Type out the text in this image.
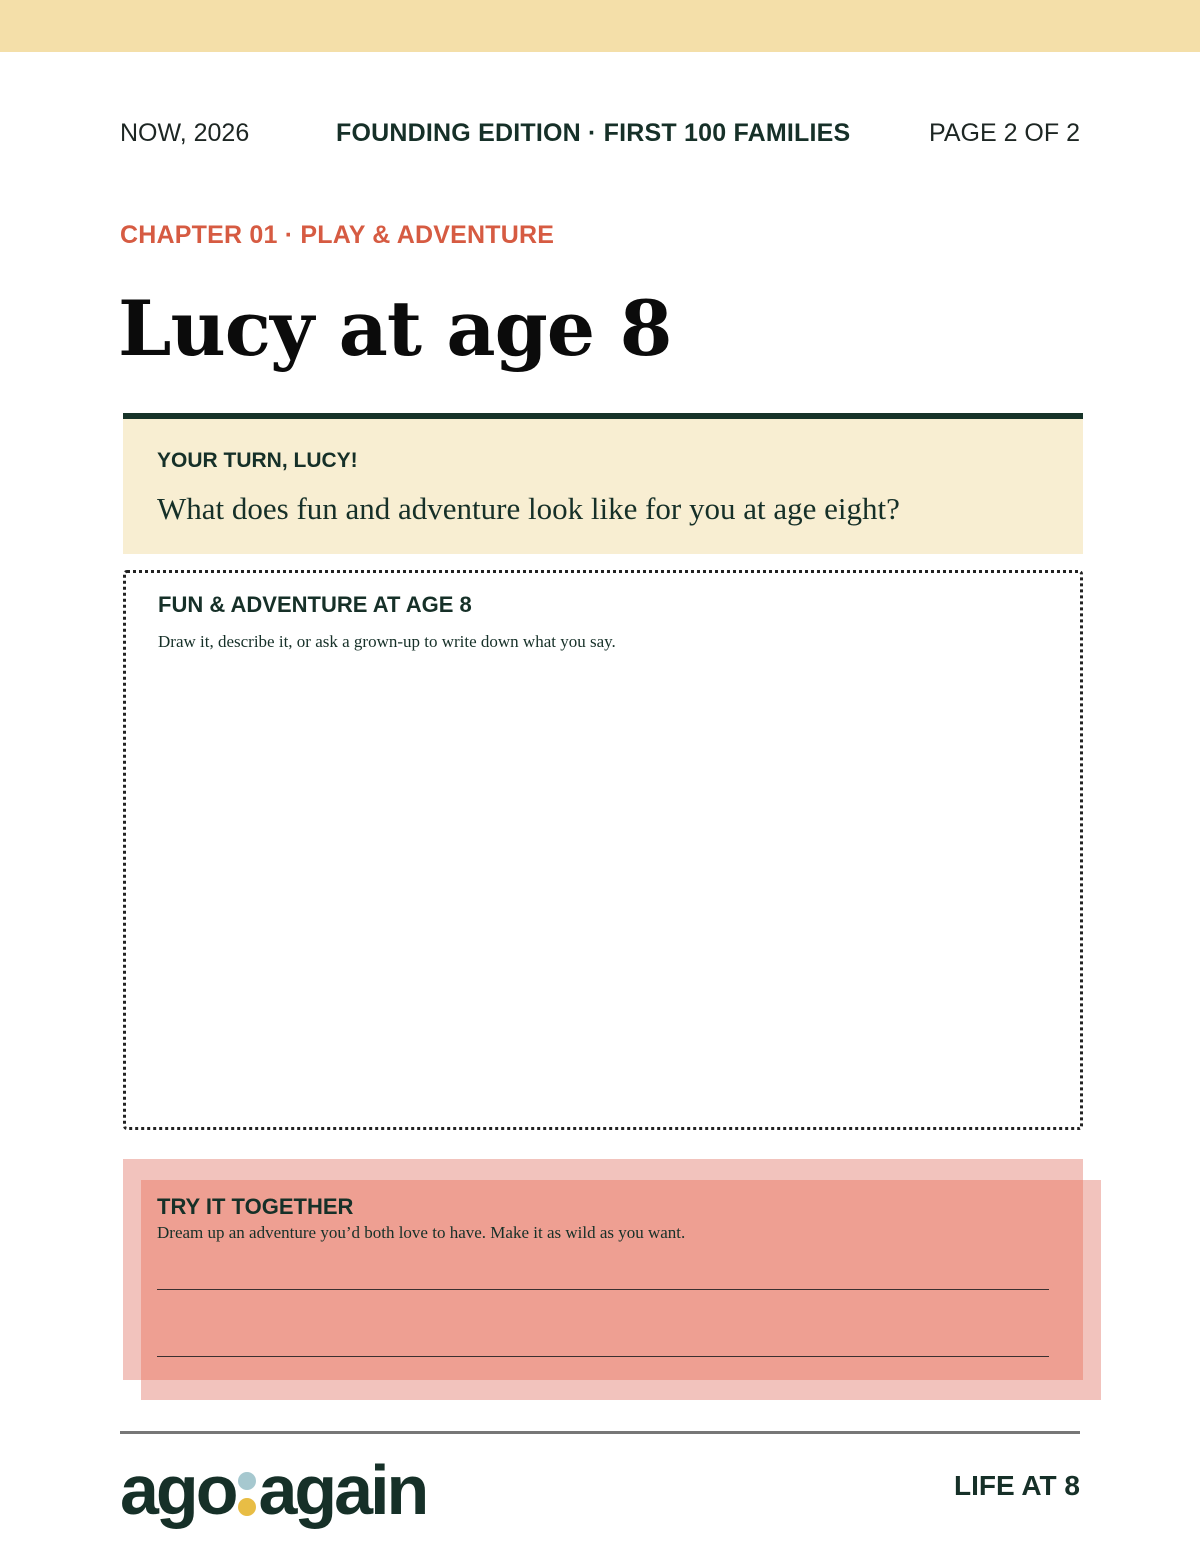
NOW, 2026	FOUNDING EDITION · FIRST 100 FAMILIES	PAGE 2 OF 2
CHAPTER 01 · PLAY & ADVENTURE
Lucy at age 8
YOUR TURN, LUCY!
What does fun and adventure look like for you at age eight?
FUN & ADVENTURE AT AGE 8
Draw it, describe it, or ask a grown-up to write down what you say.
TRY IT TOGETHER
Dream up an adventure you’d both love to have. Make it as wild as you want.
ago again	LIFE AT 8
